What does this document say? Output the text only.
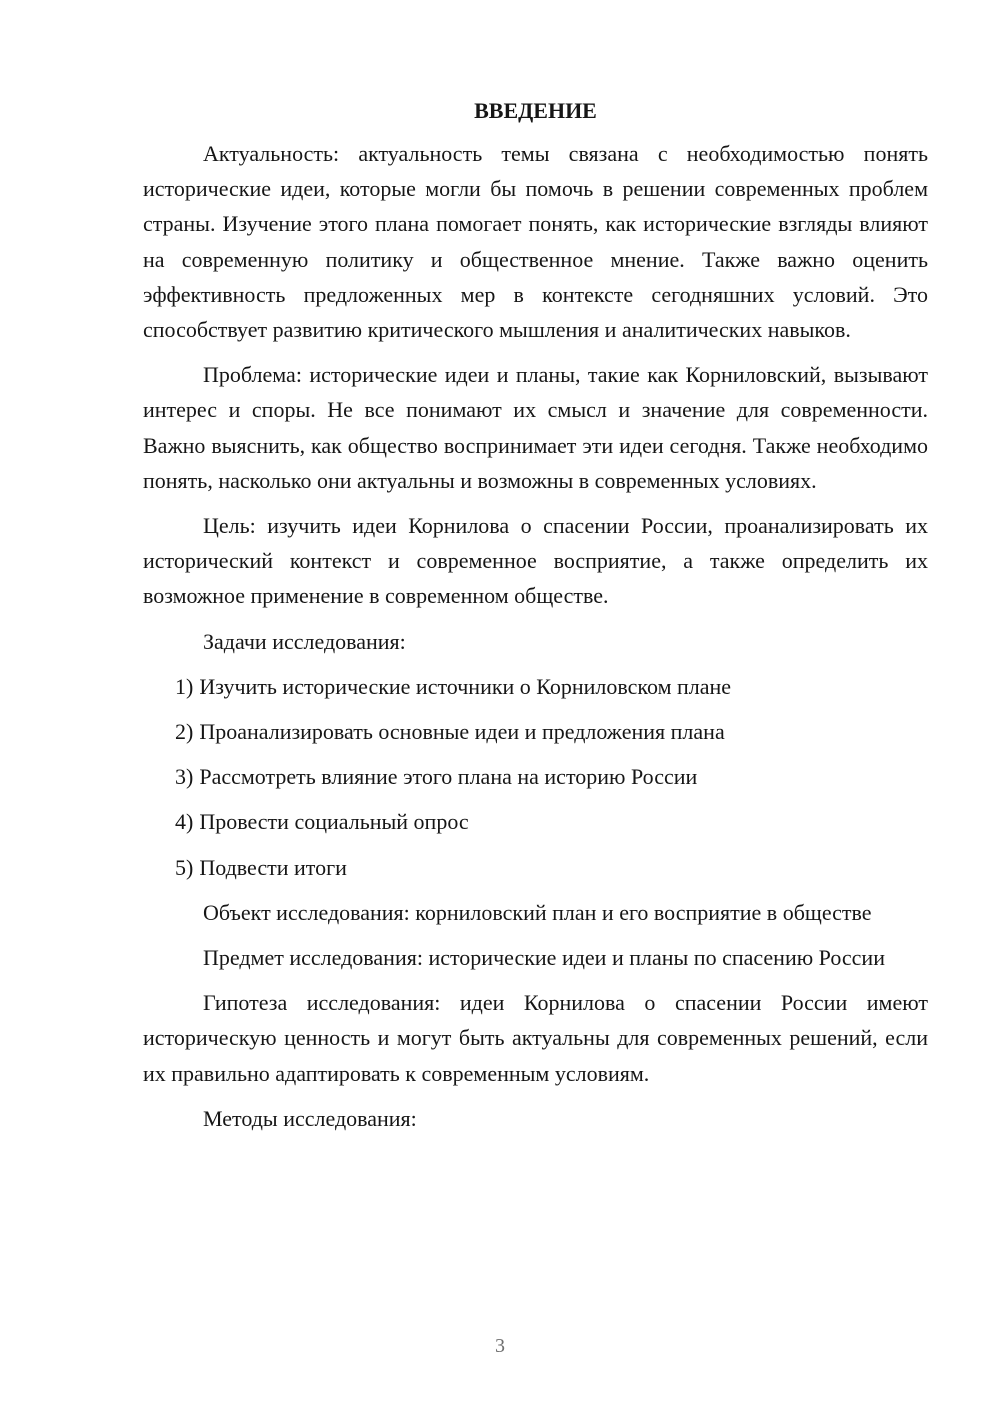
ВВЕДЕНИЕ

Актуальность: актуальность темы связана с необходимостью понять исторические идеи, которые могли бы помочь в решении современных проблем страны. Изучение этого плана помогает понять, как исторические взгляды влияют на современную политику и общественное мнение. Также важно оценить эффективность предложенных мер в контексте сегодняшних условий. Это способствует развитию критического мышления и аналитических навыков.

Проблема: исторические идеи и планы, такие как Корниловский, вызывают интерес и споры. Не все понимают их смысл и значение для современности. Важно выяснить, как общество воспринимает эти идеи сегодня. Также необходимо понять, насколько они актуальны и возможны в современных условиях.

Цель: изучить идеи Корнилова о спасении России, проанализировать их исторический контекст и современное восприятие, а также определить их возможное применение в современном обществе.

Задачи исследования:

1) Изучить исторические источники о Корниловском плане
2) Проанализировать основные идеи и предложения плана
3) Рассмотреть влияние этого плана на историю России
4) Провести социальный опрос
5) Подвести итоги

Объект исследования: корниловский план и его восприятие в обществе

Предмет исследования: исторические идеи и планы по спасению России

Гипотеза исследования: идеи Корнилова о спасении России имеют историческую ценность и могут быть актуальны для современных решений, если их правильно адаптировать к современным условиям.

Методы исследования:

3
